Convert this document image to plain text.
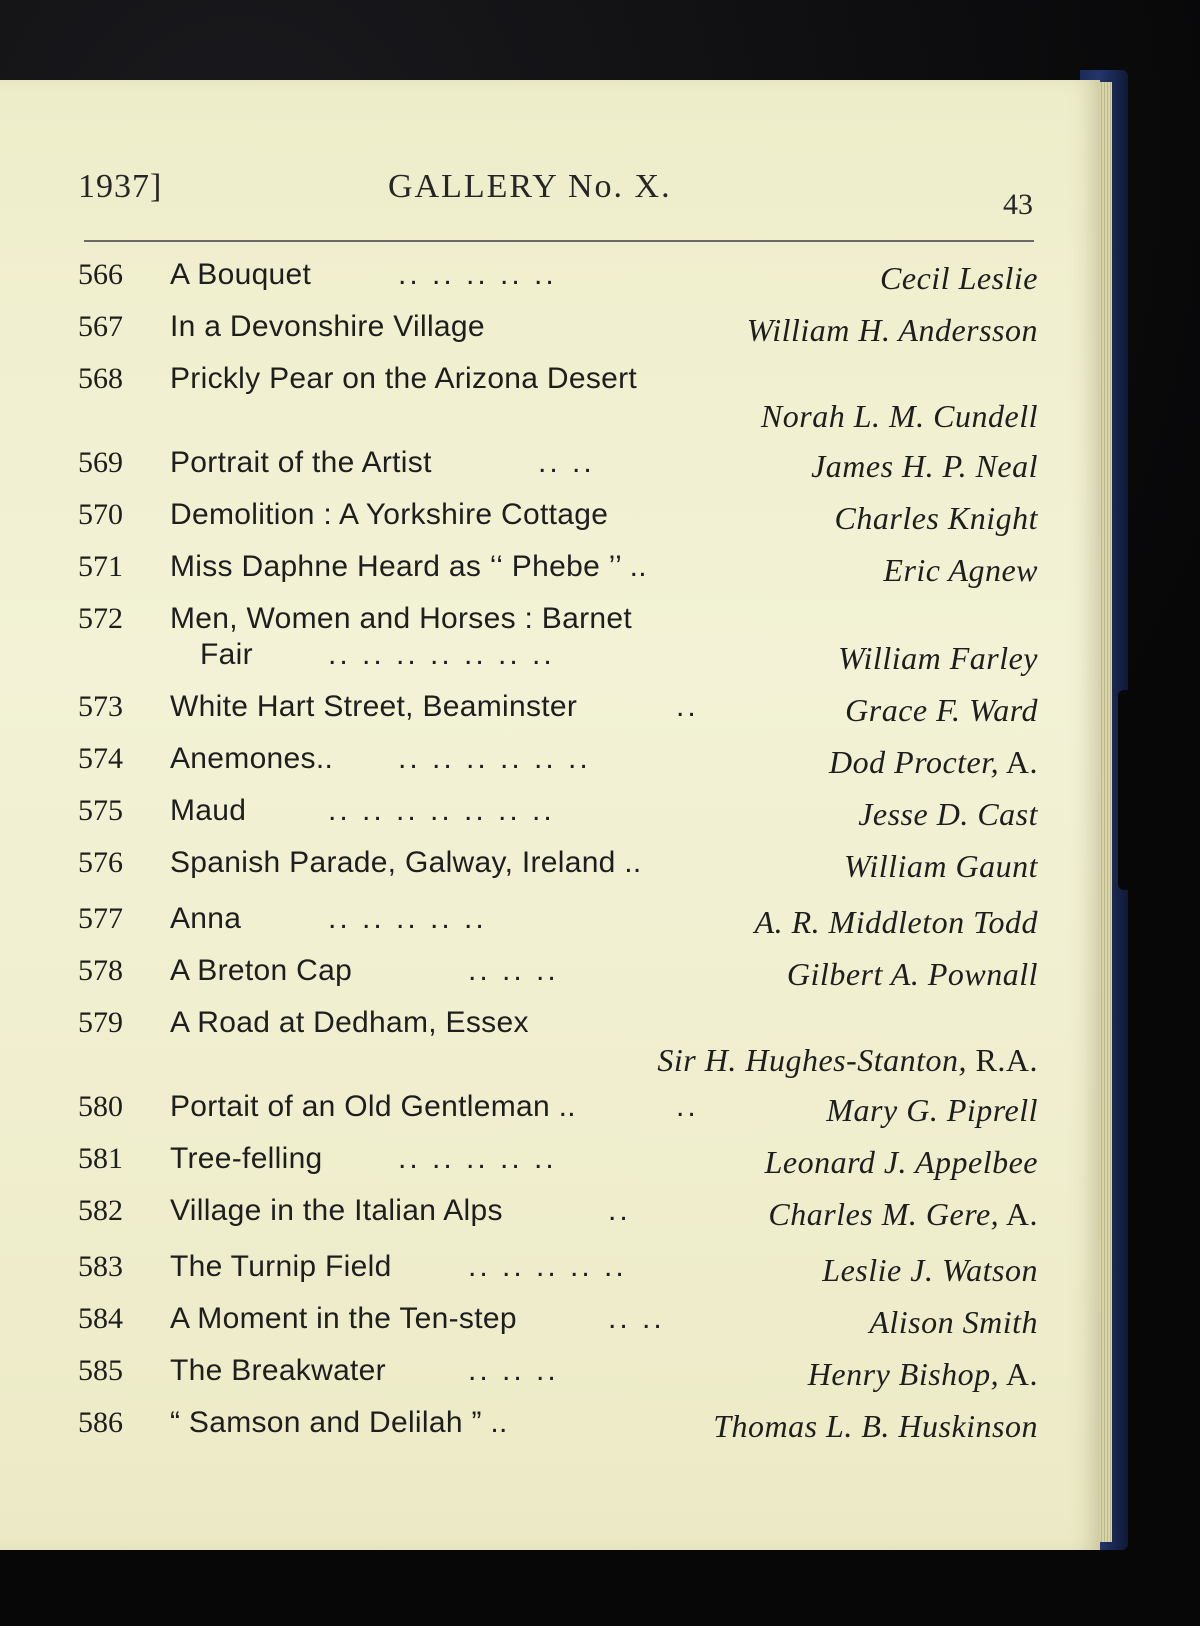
1937]	GALLERY No. X.	43
566	A Bouquet	.. .. .. .. ..	Cecil Leslie
567	In a Devonshire Village	William H. Andersson
568	Prickly Pear on the Arizona Desert
Norah L. M. Cundell
569	Portrait of the Artist	.. ..	James H. P. Neal
570	Demolition : A Yorkshire Cottage	Charles Knight
571	Miss Daphne Heard as ‘‘ Phebe ’’ ..	Eric Agnew
572	Men, Women and Horses : Barnet
Fair	.. .. .. .. .. .. ..	William Farley
573	White Hart Street, Beaminster	..	Grace F. Ward
574	Anemones.. .. .. .. .. .. ..	Dod Procter, A.
575	Maud	.. .. .. .. .. .. ..	Jesse D. Cast
576	Spanish Parade, Galway, Ireland ..	William Gaunt
577	Anna	.. .. .. .. ..	A. R. Middleton Todd
578	A Breton Cap	.. .. ..	Gilbert A. Pownall
579	A Road at Dedham, Essex
Sir H. Hughes-Stanton, R.A.
580	Portait of an Old Gentleman ..	..	Mary G. Piprell
581	Tree-felling	.. .. .. .. ..	Leonard J. Appelbee
582	Village in the Italian Alps	..	Charles M. Gere, A.
583	The Turnip Field	.. .. .. .. ..	Leslie J. Watson
584	A Moment in the Ten-step	.. ..	Alison Smith
585	The Breakwater	.. .. ..	Henry Bishop, A.
586	“ Samson and Delilah ” ..	Thomas L. B. Huskinson
